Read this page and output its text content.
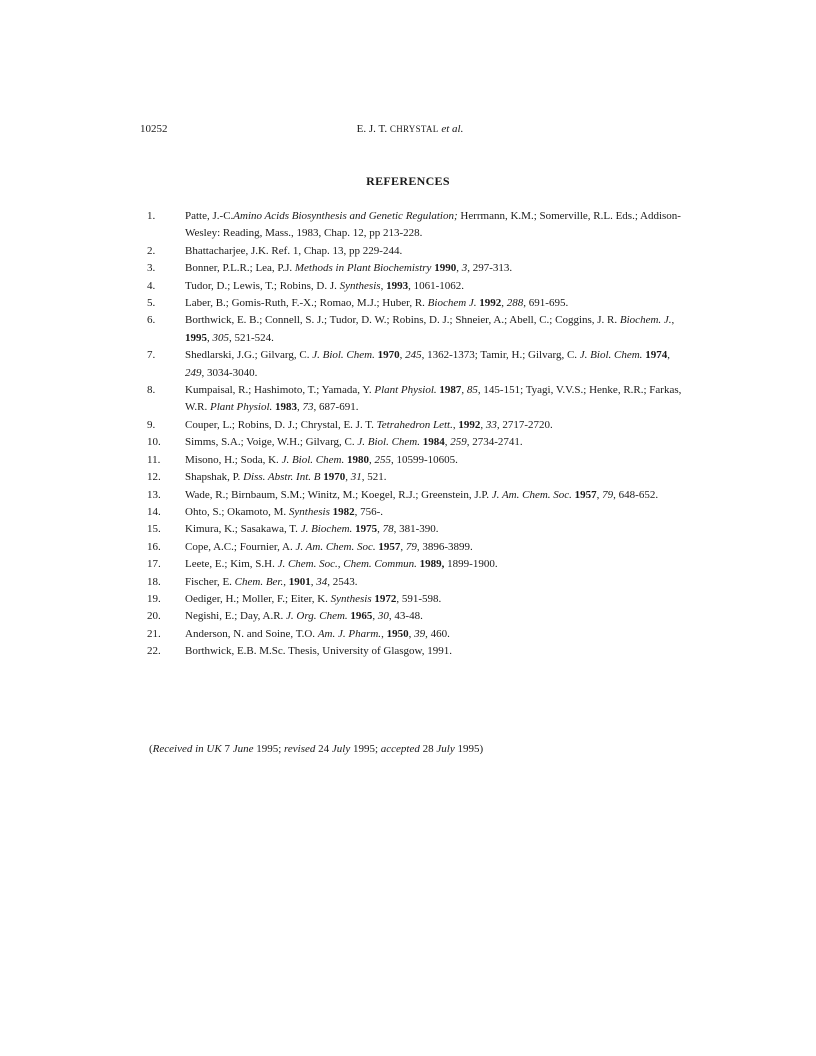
10252	E. J. T. CHRYSTAL et al.
REFERENCES
1.	Patte, J.-C.Amino Acids Biosynthesis and Genetic Regulation; Herrmann, K.M.; Somerville, R.L. Eds.; Addison-Wesley: Reading, Mass., 1983, Chap. 12, pp 213-228.
2.	Bhattacharjee, J.K. Ref. 1, Chap. 13, pp 229-244.
3.	Bonner, P.L.R.; Lea, P.J. Methods in Plant Biochemistry 1990, 3, 297-313.
4.	Tudor, D.; Lewis, T.; Robins, D. J. Synthesis, 1993, 1061-1062.
5.	Laber, B.; Gomis-Ruth, F.-X.; Romao, M.J.; Huber, R. Biochem J. 1992, 288, 691-695.
6.	Borthwick, E. B.; Connell, S. J.; Tudor, D. W.; Robins, D. J.; Shneier, A.; Abell, C.; Coggins, J. R. Biochem. J., 1995, 305, 521-524.
7.	Shedlarski, J.G.; Gilvarg, C. J. Biol. Chem. 1970, 245, 1362-1373; Tamir, H.; Gilvarg, C. J. Biol. Chem. 1974, 249, 3034-3040.
8.	Kumpaisal, R.; Hashimoto, T.; Yamada, Y. Plant Physiol. 1987, 85, 145-151; Tyagi, V.V.S.; Henke, R.R.; Farkas, W.R. Plant Physiol. 1983, 73, 687-691.
9.	Couper, L.; Robins, D. J.; Chrystal, E. J. T. Tetrahedron Lett., 1992, 33, 2717-2720.
10.	Simms, S.A.; Voige, W.H.; Gilvarg, C. J. Biol. Chem. 1984, 259, 2734-2741.
11.	Misono, H.; Soda, K. J. Biol. Chem. 1980, 255, 10599-10605.
12.	Shapshak, P. Diss. Abstr. Int. B 1970, 31, 521.
13.	Wade, R.; Birnbaum, S.M.; Winitz, M.; Koegel, R.J.; Greenstein, J.P. J. Am. Chem. Soc. 1957, 79, 648-652.
14.	Ohto, S.; Okamoto, M. Synthesis 1982, 756-.
15.	Kimura, K.; Sasakawa, T. J. Biochem. 1975, 78, 381-390.
16.	Cope, A.C.; Fournier, A. J. Am. Chem. Soc. 1957, 79, 3896-3899.
17.	Leete, E.; Kim, S.H. J. Chem. Soc., Chem. Commun. 1989, 1899-1900.
18.	Fischer, E. Chem. Ber., 1901, 34, 2543.
19.	Oediger, H.; Moller, F.; Eiter, K. Synthesis 1972, 591-598.
20.	Negishi, E.; Day, A.R. J. Org. Chem. 1965, 30, 43-48.
21.	Anderson, N. and Soine, T.O. Am. J. Pharm., 1950, 39, 460.
22.	Borthwick, E.B. M.Sc. Thesis, University of Glasgow, 1991.
(Received in UK 7 June 1995; revised 24 July 1995; accepted 28 July 1995)
